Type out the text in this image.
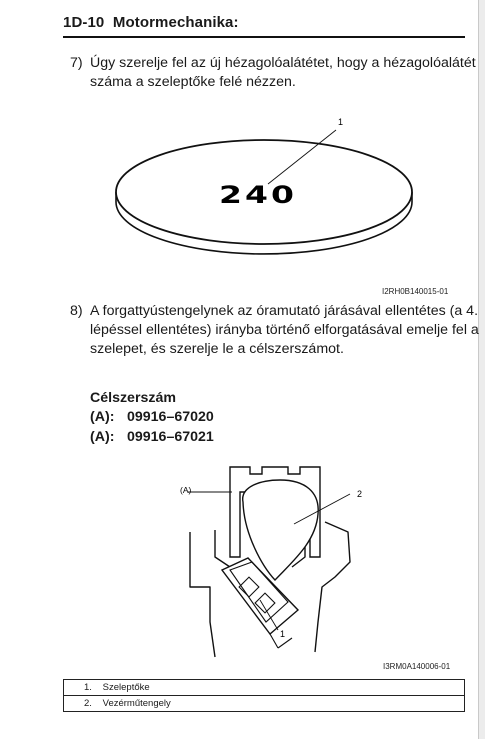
1D-10 Motormechanika:
7) Úgy szerelje fel az új hézagolóalátétet, hogy a hézagolóalátét száma a szeleptőke felé nézzen.
1
240
I2RH0B140015-01
8) A forgattyústengelynek az óramutató járásával ellentétes (a 4. lépéssel ellentétes) irányba történő elforgatásával emelje fel a szelepet, és szerelje le a célszerszámot.
Célszerszám
(A): 09916–67020
(A): 09916–67021
(A)	2
1
I3RM0A140006-01
1. Szeleptőke
2. Vezérműtengely
